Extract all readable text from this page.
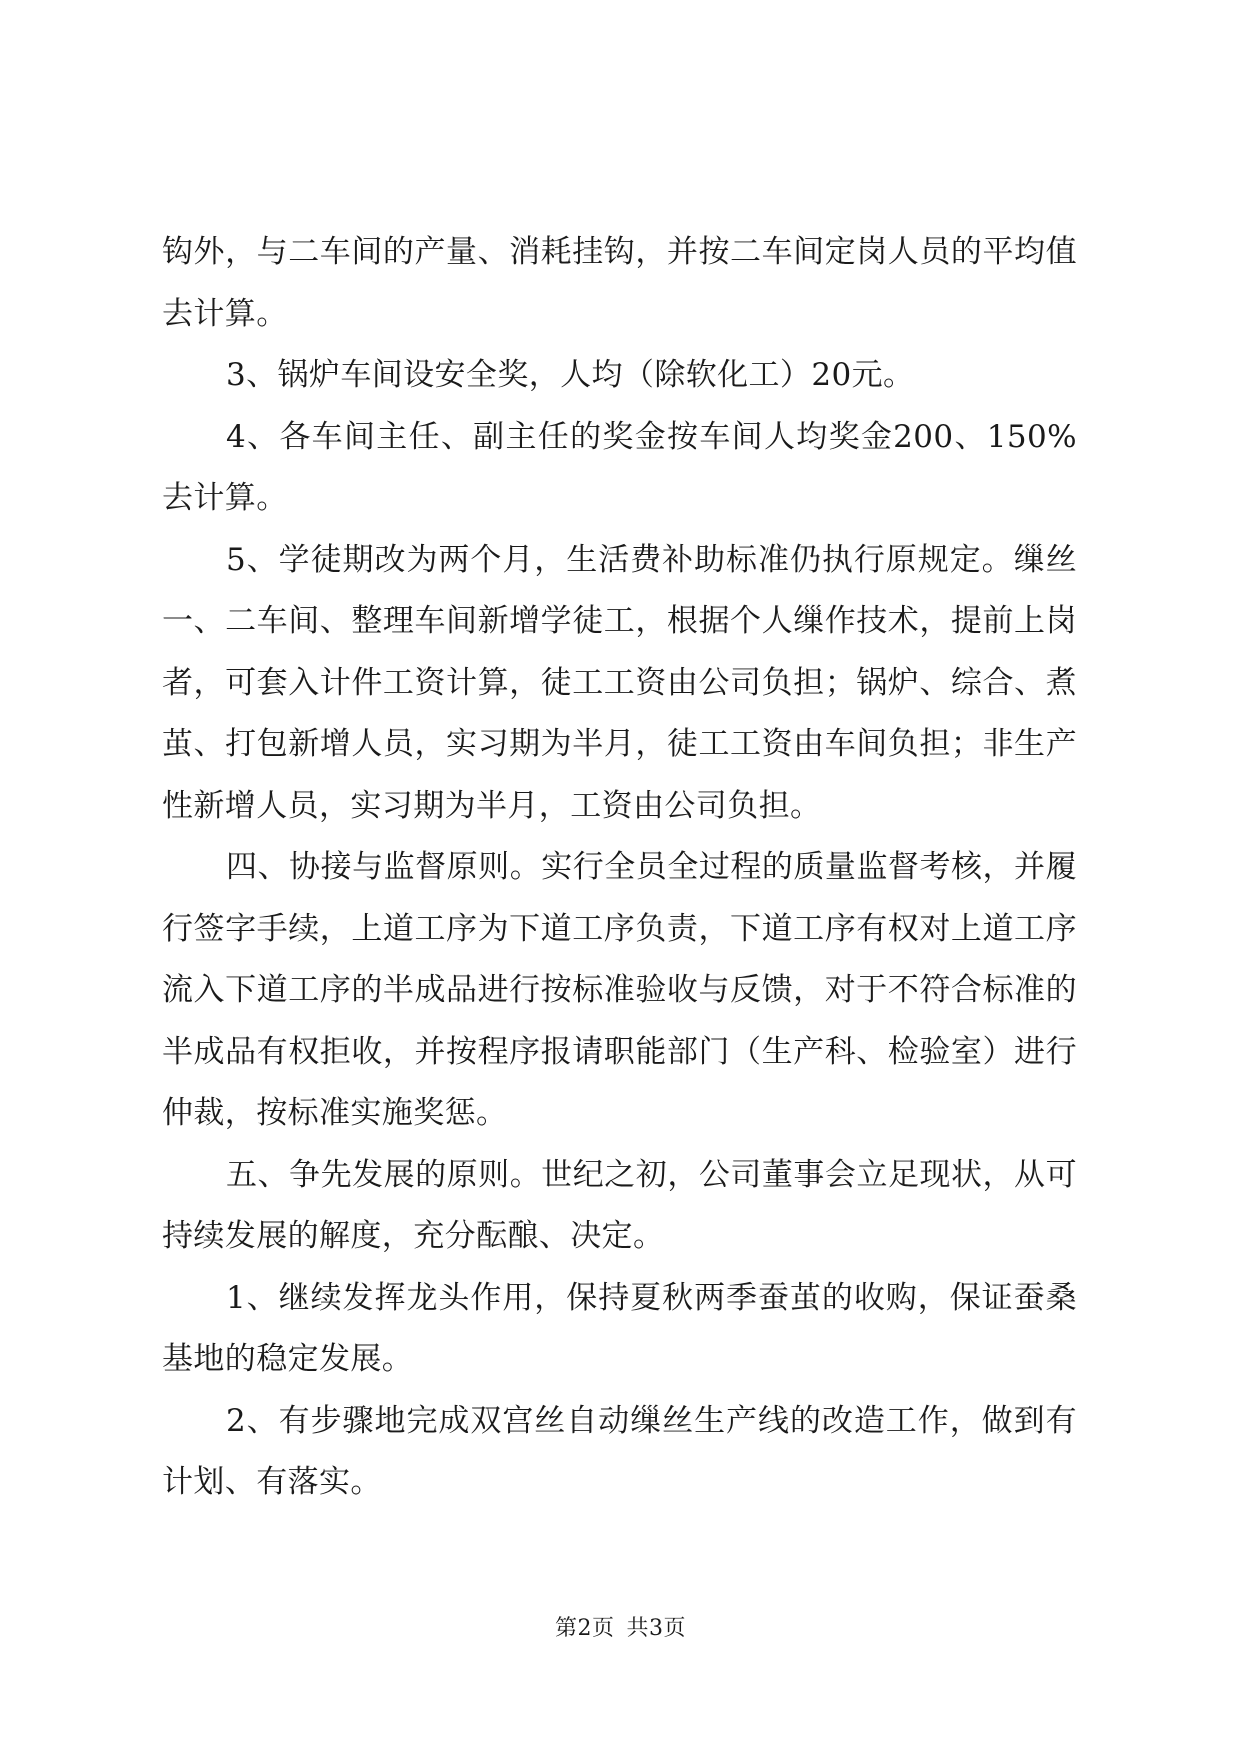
钩外，与二车间的产量、消耗挂钩，并按二车间定岗人员的平均值去计算。

3、锅炉车间设安全奖，人均（除软化工）20元。

4、各车间主任、副主任的奖金按车间人均奖金200、150%去计算。

5、学徒期改为两个月，生活费补助标准仍执行原规定。缫丝一、二车间、整理车间新增学徒工，根据个人缫作技术，提前上岗者，可套入计件工资计算，徒工工资由公司负担；锅炉、综合、煮茧、打包新增人员，实习期为半月，徒工工资由车间负担；非生产性新增人员，实习期为半月，工资由公司负担。

四、协接与监督原则。实行全员全过程的质量监督考核，并履行签字手续，上道工序为下道工序负责，下道工序有权对上道工序流入下道工序的半成品进行按标准验收与反馈，对于不符合标准的半成品有权拒收，并按程序报请职能部门（生产科、检验室）进行仲裁，按标准实施奖惩。

五、争先发展的原则。世纪之初，公司董事会立足现状，从可持续发展的解度，充分酝酿、决定。

1、继续发挥龙头作用，保持夏秋两季蚕茧的收购，保证蚕桑基地的稳定发展。

2、有步骤地完成双宫丝自动缫丝生产线的改造工作，做到有计划、有落实。

第2页 共3页
